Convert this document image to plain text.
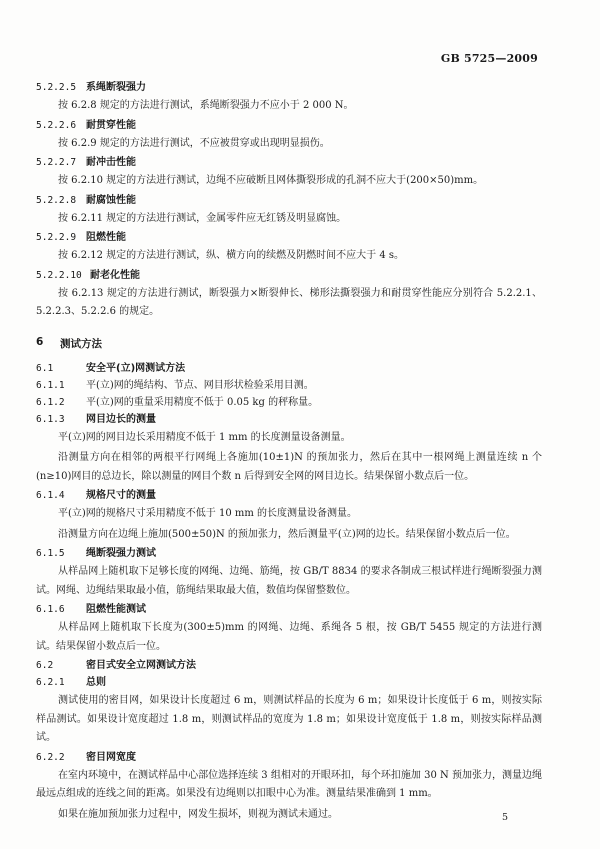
GB 5725—2009
5.2.2.5 系绳断裂强力
按 6.2.8 规定的方法进行测试，系绳断裂强力不应小于 2 000 N。
5.2.2.6 耐贯穿性能
按 6.2.9 规定的方法进行测试，不应被贯穿或出现明显损伤。
5.2.2.7 耐冲击性能
按 6.2.10 规定的方法进行测试，边绳不应破断且网体撕裂形成的孔洞不应大于(200×50)mm。
5.2.2.8 耐腐蚀性能
按 6.2.11 规定的方法进行测试，金属零件应无红锈及明显腐蚀。
5.2.2.9 阻燃性能
按 6.2.12 规定的方法进行测试，纵、横方向的续燃及阴燃时间不应大于 4 s。
5.2.2.10 耐老化性能
按 6.2.13 规定的方法进行测试，断裂强力×断裂伸长、梯形法撕裂强力和耐贯穿性能应分别符合 5.2.2.1、5.2.2.3、5.2.2.6 的规定。
6	测试方法
6.1	安全平(立)网测试方法
6.1.1	平(立)网的绳结构、节点、网目形状检验采用目测。
6.1.2	平(立)网的重量采用精度不低于 0.05 kg 的秤称量。
6.1.3	网目边长的测量
平(立)网的网目边长采用精度不低于 1 mm 的长度测量设备测量。
沿测量方向在相邻的两根平行网绳上各施加(10±1)N 的预加张力，然后在其中一根网绳上测量连续 n 个(n≥10)网目的总边长，除以测量的网目个数 n 后得到安全网的网目边长。结果保留小数点后一位。
6.1.4	规格尺寸的测量
平(立)网的规格尺寸采用精度不低于 10 mm 的长度测量设备测量。
沿测量方向在边绳上施加(500±50)N 的预加张力，然后测量平(立)网的边长。结果保留小数点后一位。
6.1.5	绳断裂强力测试
从样品网上随机取下足够长度的网绳、边绳、筋绳，按 GB/T 8834 的要求各制成三根试样进行绳断裂强力测试。网绳、边绳结果取最小值，筋绳结果取最大值，数值均保留整数位。
6.1.6	阻燃性能测试
从样品网上随机取下长度为(300±5)mm 的网绳、边绳、系绳各 5 根，按 GB/T 5455 规定的方法进行测试。结果保留小数点后一位。
6.2	密目式安全立网测试方法
6.2.1	总则
测试使用的密目网，如果设计长度超过 6 m，则测试样品的长度为 6 m；如果设计长度低于 6 m，则按实际样品测试。如果设计宽度超过 1.8 m，则测试样品的宽度为 1.8 m；如果设计宽度低于 1.8 m，则按实际样品测试。
6.2.2	密目网宽度
在室内环境中，在测试样品中心部位选择连续 3 组相对的开眼环扣，每个环扣施加 30 N 预加张力，测量边绳最远点组成的连线之间的距离。如果没有边绳则以扣眼中心为准。测量结果准确到 1 mm。
如果在施加预加张力过程中，网发生损坏，则视为测试未通过。	5
